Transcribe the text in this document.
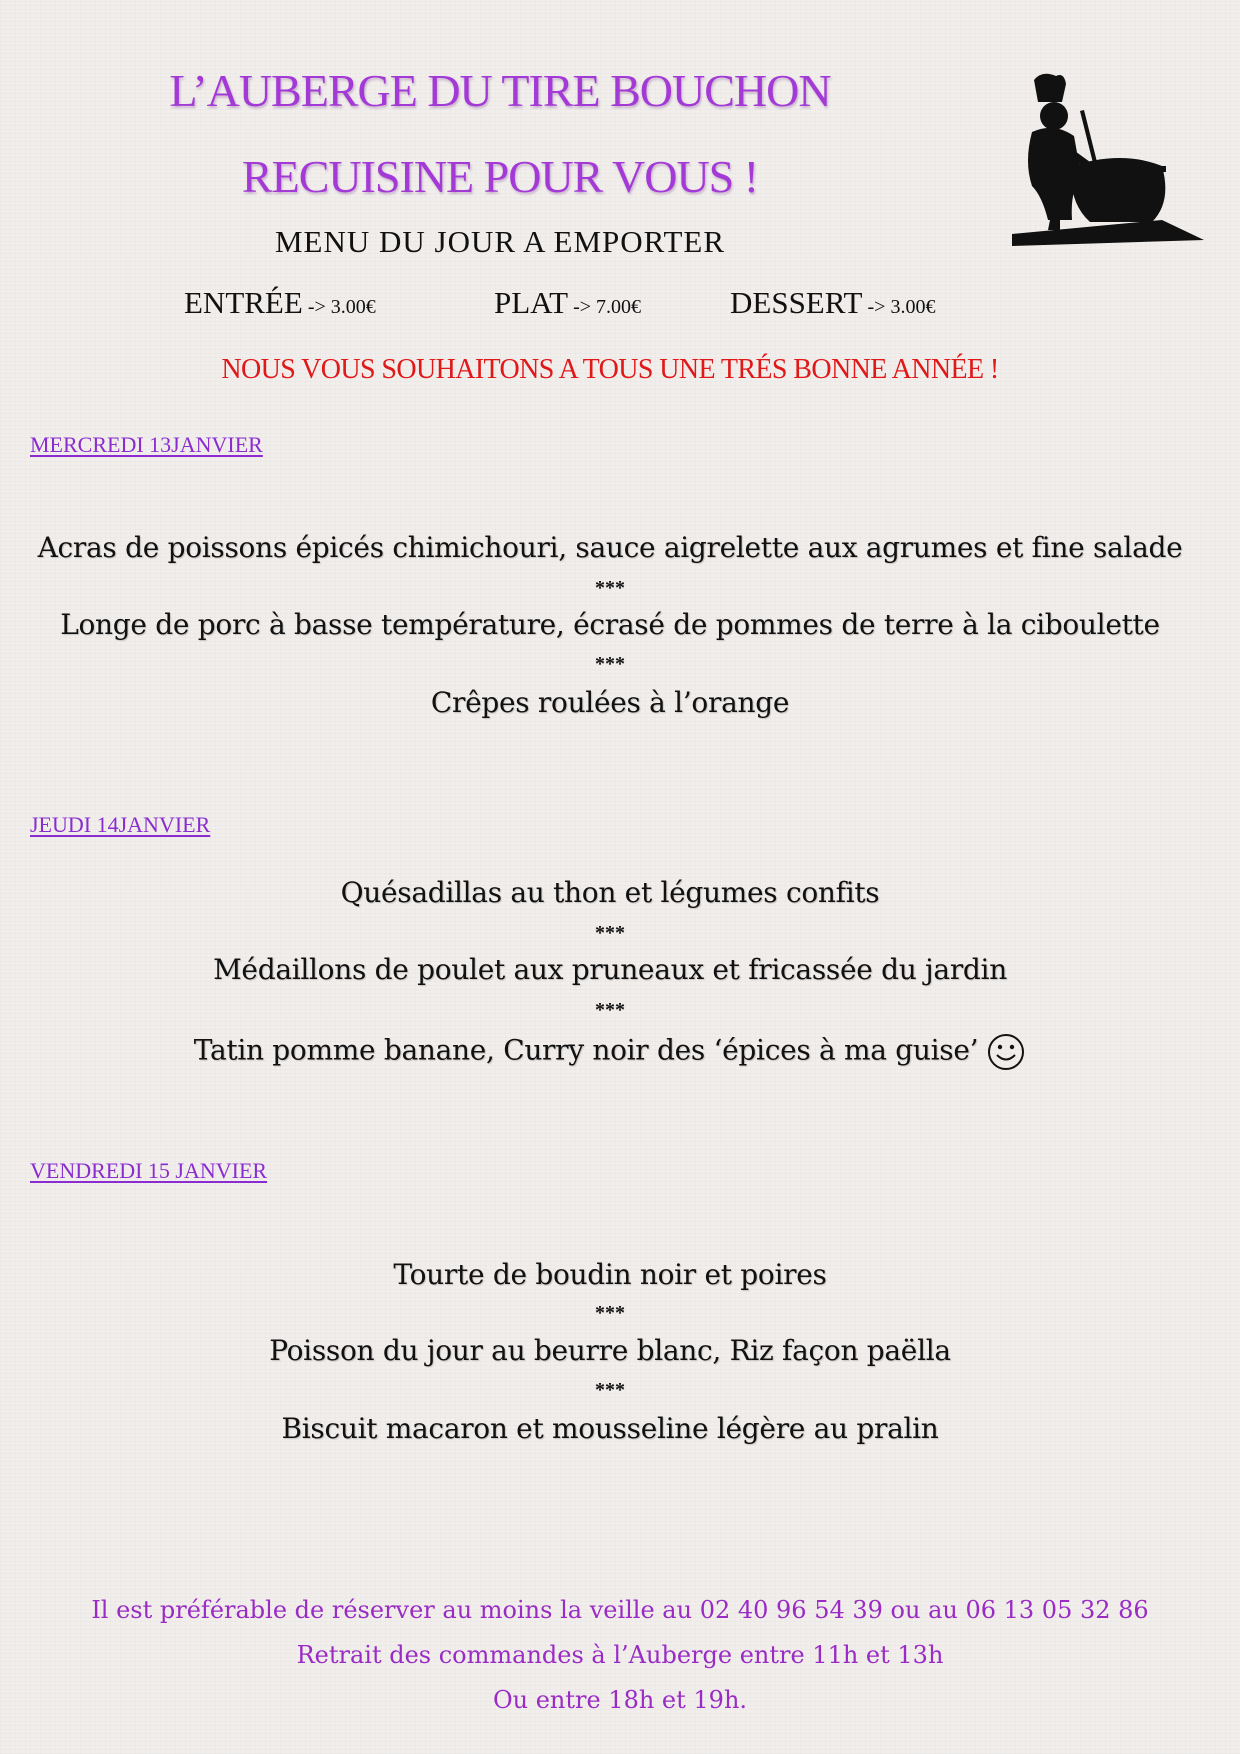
L’AUBERGE DU TIRE BOUCHON
RECUISINE POUR VOUS !
MENU DU JOUR A EMPORTER
ENTRÉE -> 3.00€	PLAT -> 7.00€	DESSERT -> 3.00€
NOUS VOUS SOUHAITONS A TOUS UNE TRÉS BONNE ANNÉE !
MERCREDI 13JANVIER
Acras de poissons épicés chimichouri, sauce aigrelette aux agrumes et fine salade
***
Longe de porc à basse température, écrasé de pommes de terre à la ciboulette
***
Crêpes roulées à l’orange
JEUDI 14JANVIER
Quésadillas au thon et légumes confits
***
Médaillons de poulet aux pruneaux et fricassée du jardin
***
Tatin pomme banane, Curry noir des ‘épices à ma guise’
VENDREDI 15 JANVIER
Tourte de boudin noir et poires
***
Poisson du jour au beurre blanc, Riz façon paëlla
***
Biscuit macaron et mousseline légère au pralin
Il est préférable de réserver au moins la veille au 02 40 96 54 39 ou au 06 13 05 32 86
Retrait des commandes à l’Auberge entre 11h et 13h
Ou entre 18h et 19h.
